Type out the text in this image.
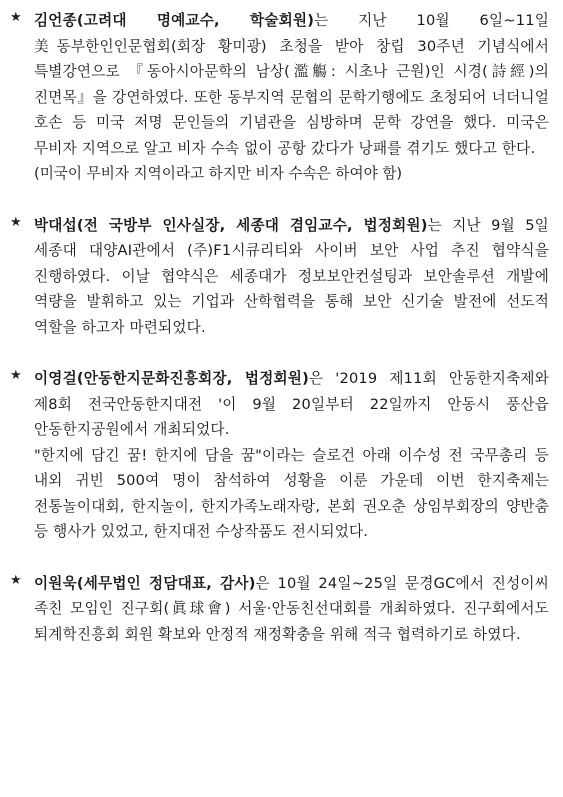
★ 김언종(고려대 명예교수, 학술회원)는 지난 10월 6일~11일 美동부한인인문협회(회장 황미광) 초청을 받아 창립 30주년 기념식에서 특별강연으로 『동아시아문학의 남상(濫觴: 시초나 근원)인 시경(詩經)의 진면목』을 강연하였다. 또한 동부지역 문협의 문학기행에도 초청되어 너더니얼 호손 등 미국 저명 문인들의 기념관을 심방하며 문학 강연을 했다. 미국은 무비자 지역으로 알고 비자 수속 없이 공항 갔다가 낭패를 겪기도 했다고 한다.

(미국이 무비자 지역이라고 하지만 비자 수속은 하여야 함)

★ 박대섭(전 국방부 인사실장, 세종대 겸임교수, 법정회원)는 지난 9월 5일 세종대 대양AI관에서 (주)F1시큐리티와 사이버 보안 사업 추진 협약식을 진행하였다. 이날 협약식은 세종대가 정보보안컨설팅과 보안솔루션 개발에 역량을 발휘하고 있는 기업과 산학협력을 통해 보안 신기술 발전에 선도적 역할을 하고자 마련되었다.

★ 이영걸(안동한지문화진흥회장, 법정회원)은 '2019 제11회 안동한지축제와 제8회 전국안동한지대전 '이 9월 20일부터 22일까지 안동시 풍산읍 안동한지공원에서 개최되었다.

"한지에 담긴 꿈! 한지에 담을 꿈"이라는 슬로건 아래 이수성 전 국무총리 등 내외 귀빈 500여 명이 참석하여 성황을 이룬 가운데 이번 한지축제는 전통놀이대회, 한지놀이, 한지가족노래자랑, 본회 권오춘 상임부회장의 양반춤 등 행사가 있었고, 한지대전 수상작품도 전시되었다.

★ 이원욱(세무법인 정담대표, 감사)은 10월 24일~25일 문경GC에서 진성이씨 족친 모임인 진구회(眞球會) 서울·안동친선대회를 개최하였다. 진구회에서도 퇴계학진흥회 회원 확보와 안정적 재정확충을 위해 적극 협력하기로 하였다.
